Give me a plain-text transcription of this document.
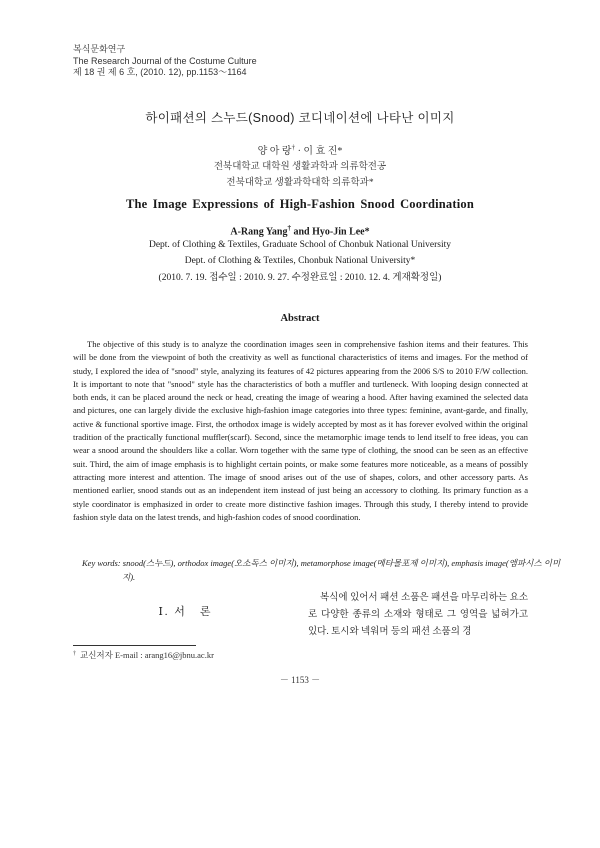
복식문화연구
The Research Journal of the Costume Culture
제 18 권 제 6 호, (2010. 12), pp.1153～1164
하이패션의 스누드(Snood) 코디네이션에 나타난 이미지
양 아 랑† · 이 효 진*
전북대학교 대학원 생활과학과 의류학전공
전북대학교 생활과학대학 의류학과*
The Image Expressions of High-Fashion Snood Coordination
A-Rang Yang† and Hyo-Jin Lee*
Dept. of Clothing & Textiles, Graduate School of Chonbuk National University
Dept. of Clothing & Textiles, Chonbuk National University*
(2010. 7. 19. 접수일 : 2010. 9. 27. 수정완료일 : 2010. 12. 4. 게재확정일)
Abstract

The objective of this study is to analyze the coordination images seen in comprehensive fashion items and their features. This will be done from the viewpoint of both the creativity as well as functional characteristics of items and images. For the method of study, I explored the idea of "snood" style, analyzing its features of 42 pictures appearing from the 2006 S/S to 2010 F/W collection. It is important to note that "snood" style has the characteristics of both a muffler and turtleneck. With looping design connected at both ends, it can be placed around the neck or head, creating the image of wearing a hood. After having examined the selected data and pictures, one can largely divide the exclusive high-fashion image categories into three types: feminine, avant-garde, and finally, active & functional sportive image. First, the orthodox image is widely accepted by most as it has forever evolved within the original tradition of the practically functional muffler(scarf). Second, since the metamorphic image tends to lend itself to free ideas, you can wear a snood around the shoulders like a collar. Worn together with the same type of clothing, the snood can be seen as an effective suit. Third, the aim of image emphasis is to highlight certain points, or make some features more noticeable, as a means of possibly attracting more interest and attention. The image of snood arises out of the use of shapes, colors, and other accessory parts. As mentioned earlier, snood stands out as an independent item instead of just being an accessory to clothing. Its primary function as a style coordinator is emphasized in order to create more distinctive fashion images. Through this study, I thereby intend to provide fashion style data on the latest trends, and high-fashion codes of snood coordination.

Key words: snood(스누드), orthodox image(오소독스 이미지), metamorphose image(메타몰포제 이미지), emphasis image(엠파시스 이미지).

Ⅰ. 서　론

복식에 있어서 패션 소품은 패션을 마무리하는 요소로 다양한 종류의 소재와 형태로 그 영역을 넓혀가고 있다. 토시와 넥워머 등의 패션 소품의 경

† 교신저자 E-mail : arang16@jbnu.ac.kr
－ 1153 －
